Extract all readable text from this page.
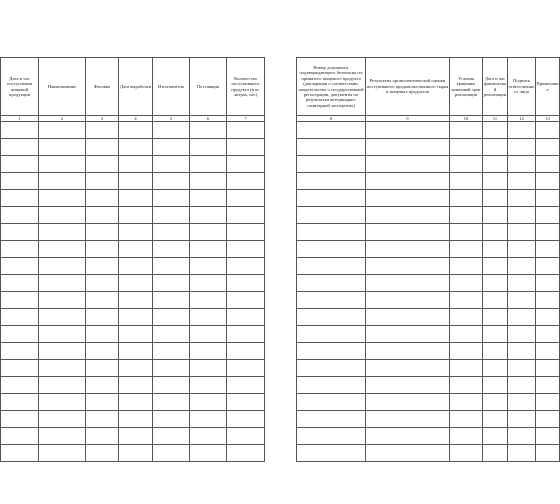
Дата и час поступления пищевой продукции	Наименование	Фасовка	Дата выработки	Изготовитель	Поставщик	Количество поступившего продукта (в кг, литрах, шт.)
1	2	3	4	5	6	7

Номер документа, подтверждающего безопасность принятого пищевого продукта (декларация о соответствии, свидетельство о государственной регистрации, документы по результатам ветеринарно-санитарной экспертизы)	Результаты органолептической оценки поступившего продовольственного сырья и пищевых продуктов	Условия хранения, конечный срок реализации	Дата и час фактической реализации	Подпись ответственного лица	Примечание
8	9	10	11	12	13
